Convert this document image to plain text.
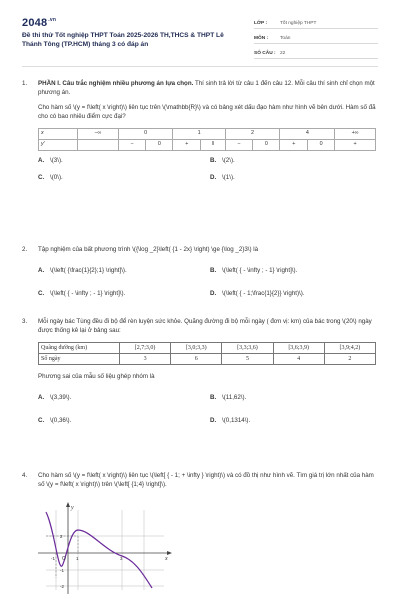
$2048^{.vn}$
Đề thi thử Tốt nghiệp THPT Toán 2025-2026 TH,THCS & THPT Lê Thánh Tông (TP.HCM) tháng 3 có đáp án
LỚP :	Tốt nghiệp THPT
MÔN :	Toán
SỐ CÂU : 22
1.	PHẦN I. Câu trắc nghiệm nhiều phương án lựa chọn. Thí sinh trả lời từ câu 1 đến câu 12. Mỗi câu thí sinh chỉ chọn một phương án.
Cho hàm số \(y = f\left( x \right)\) liên tục trên \(\mathbb{R}\) và có bảng xét dấu đạo hàm như hình vẽ bên dưới. Hàm số đã cho có bao nhiêu điểm cực đại?
x	−∞	0		1		2		4		+∞
y′		−	0	+	‖	−	0	+	0	+
A. \(3\).	B. \(2\).
C. \(0\).	D. \(1\).
2.	Tập nghiệm của bất phương trình \({\log _2}\left( {1 - 2x} \right) \ge {\log _2}3\) là
A. \(\left( {\frac{1}{2};1} \right]\).	B. \(\left( { - \infty ; - 1} \right]\).
C. \(\left( { - \infty ; - 1} \right]\).	D. \(\left( { - 1;\frac{1}{2}} \right)\).
3.	Mỗi ngày bác Tùng đều đi bộ để rèn luyện sức khỏe. Quãng đường đi bộ mỗi ngày ( đơn vị: km) của bác trong \(20\) ngày được thống kê lại ở bảng sau:
Quãng đường (km)	[2,7;3,0)	[3,0;3,3)	[3,3;3,6)	[3,6;3,9)	[3,9;4,2)
Số ngày	3	6	5	4	2
Phương sai của mẫu số liệu ghép nhóm là
A. \(3,39\).	B. \(11,62\).
C. \(0,36\).	D. \(0,1314\).
4.	Cho hàm số \(y = f\left( x \right)\) liên tục \(\left[ { - 1; + \infty } \right)\) và có đồ thị như hình vẽ. Tìm giá trị lớn nhất của hàm số \(y = f\left( x \right)\) trên \(\left[ {1;4} \right]\).
y
x
O
-1	1	3
2
-1
-2
